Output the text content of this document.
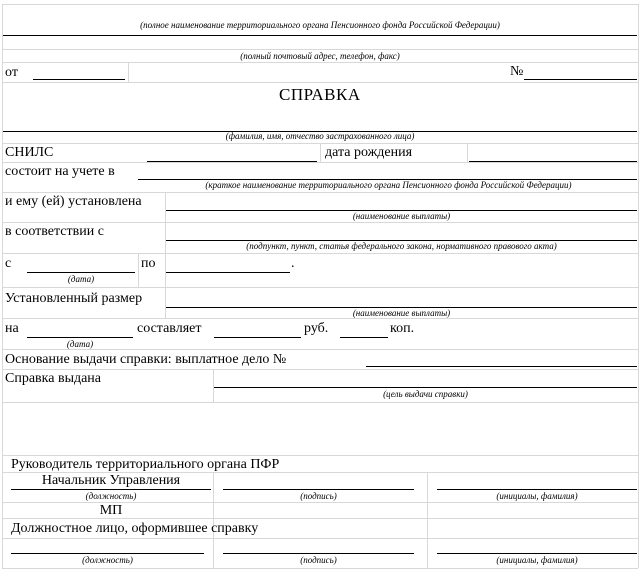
(полное наименование территориального органа Пенсионного фонда Российской Федерации)
(полный почтовый адрес, телефон, факс)
от	№
СПРАВКА
(фамилия, имя, отчество застрахованного лица)
СНИЛС	дата рождения
состоит на учете в
(краткое наименование территориального органа Пенсионного фонда Российской Федерации)
и ему (ей) установлена
(наименование выплаты)
в соответствии с
(подпункт, пункт, статья федерального закона, нормативного правового акта)
с
(дата)
по	.
Установленный размер
(наименование выплаты)
на
(дата)
составляет	руб.	коп.
Основание выдачи справки: выплатное дело №
Справка выдана
(цель выдачи справки)
Руководитель территориального органа ПФР
Начальник Управления
(должность)	(подпись)	(инициалы, фамилия)
МП
Должностное лицо, оформившее справку
(должность)	(подпись)	(инициалы, фамилия)
